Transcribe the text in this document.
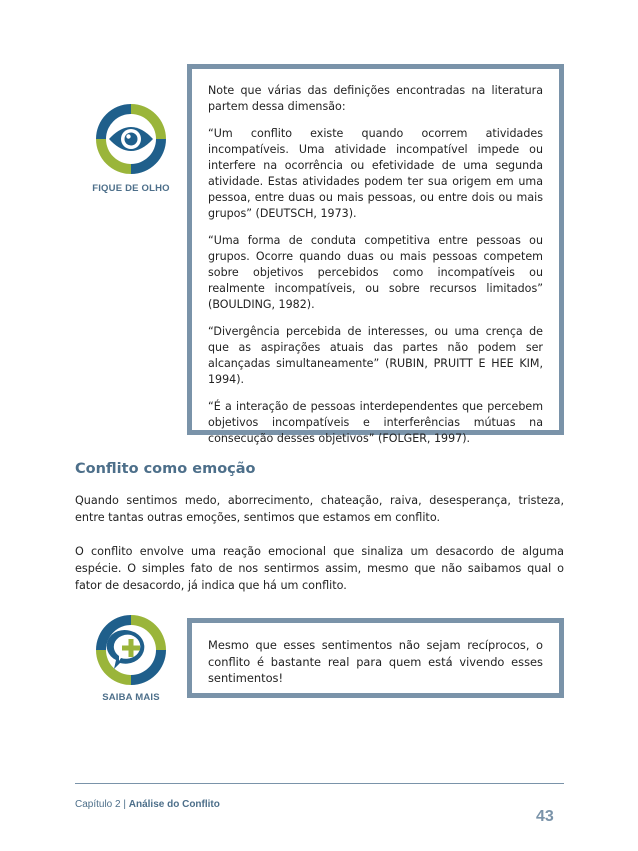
FIQUE DE OLHO

Note que várias das definições encontradas na literatura partem dessa dimensão:

“Um conflito existe quando ocorrem atividades incompatíveis. Uma atividade incompatível impede ou interfere na ocorrência ou efetividade de uma segunda atividade. Estas atividades podem ter sua origem em uma pessoa, entre duas ou mais pessoas, ou entre dois ou mais grupos” (DEUTSCH, 1973).

“Uma forma de conduta competitiva entre pessoas ou grupos. Ocorre quando duas ou mais pessoas competem sobre objetivos percebidos como incompatíveis ou realmente incompatíveis, ou sobre recursos limitados” (BOULDING, 1982).

“Divergência percebida de interesses, ou uma crença de que as aspirações atuais das partes não podem ser alcançadas simultaneamente” (RUBIN, PRUITT E HEE KIM, 1994).

“É a interação de pessoas interdependentes que percebem objetivos incompatíveis e interferências mútuas na consecução desses objetivos” (FOLGER, 1997).

Conflito como emoção
Quando sentimos medo, aborrecimento, chateação, raiva, desesperança, tristeza, entre tantas outras emoções, sentimos que estamos em conflito.
O conflito envolve uma reação emocional que sinaliza um desacordo de alguma espécie. O simples fato de nos sentirmos assim, mesmo que não saibamos qual o fator de desacordo, já indica que há um conflito.
SAIBA MAIS

Mesmo que esses sentimentos não sejam recíprocos, o conflito é bastante real para quem está vivendo esses sentimentos!

Capítulo 2 | Análise do Conflito
43
